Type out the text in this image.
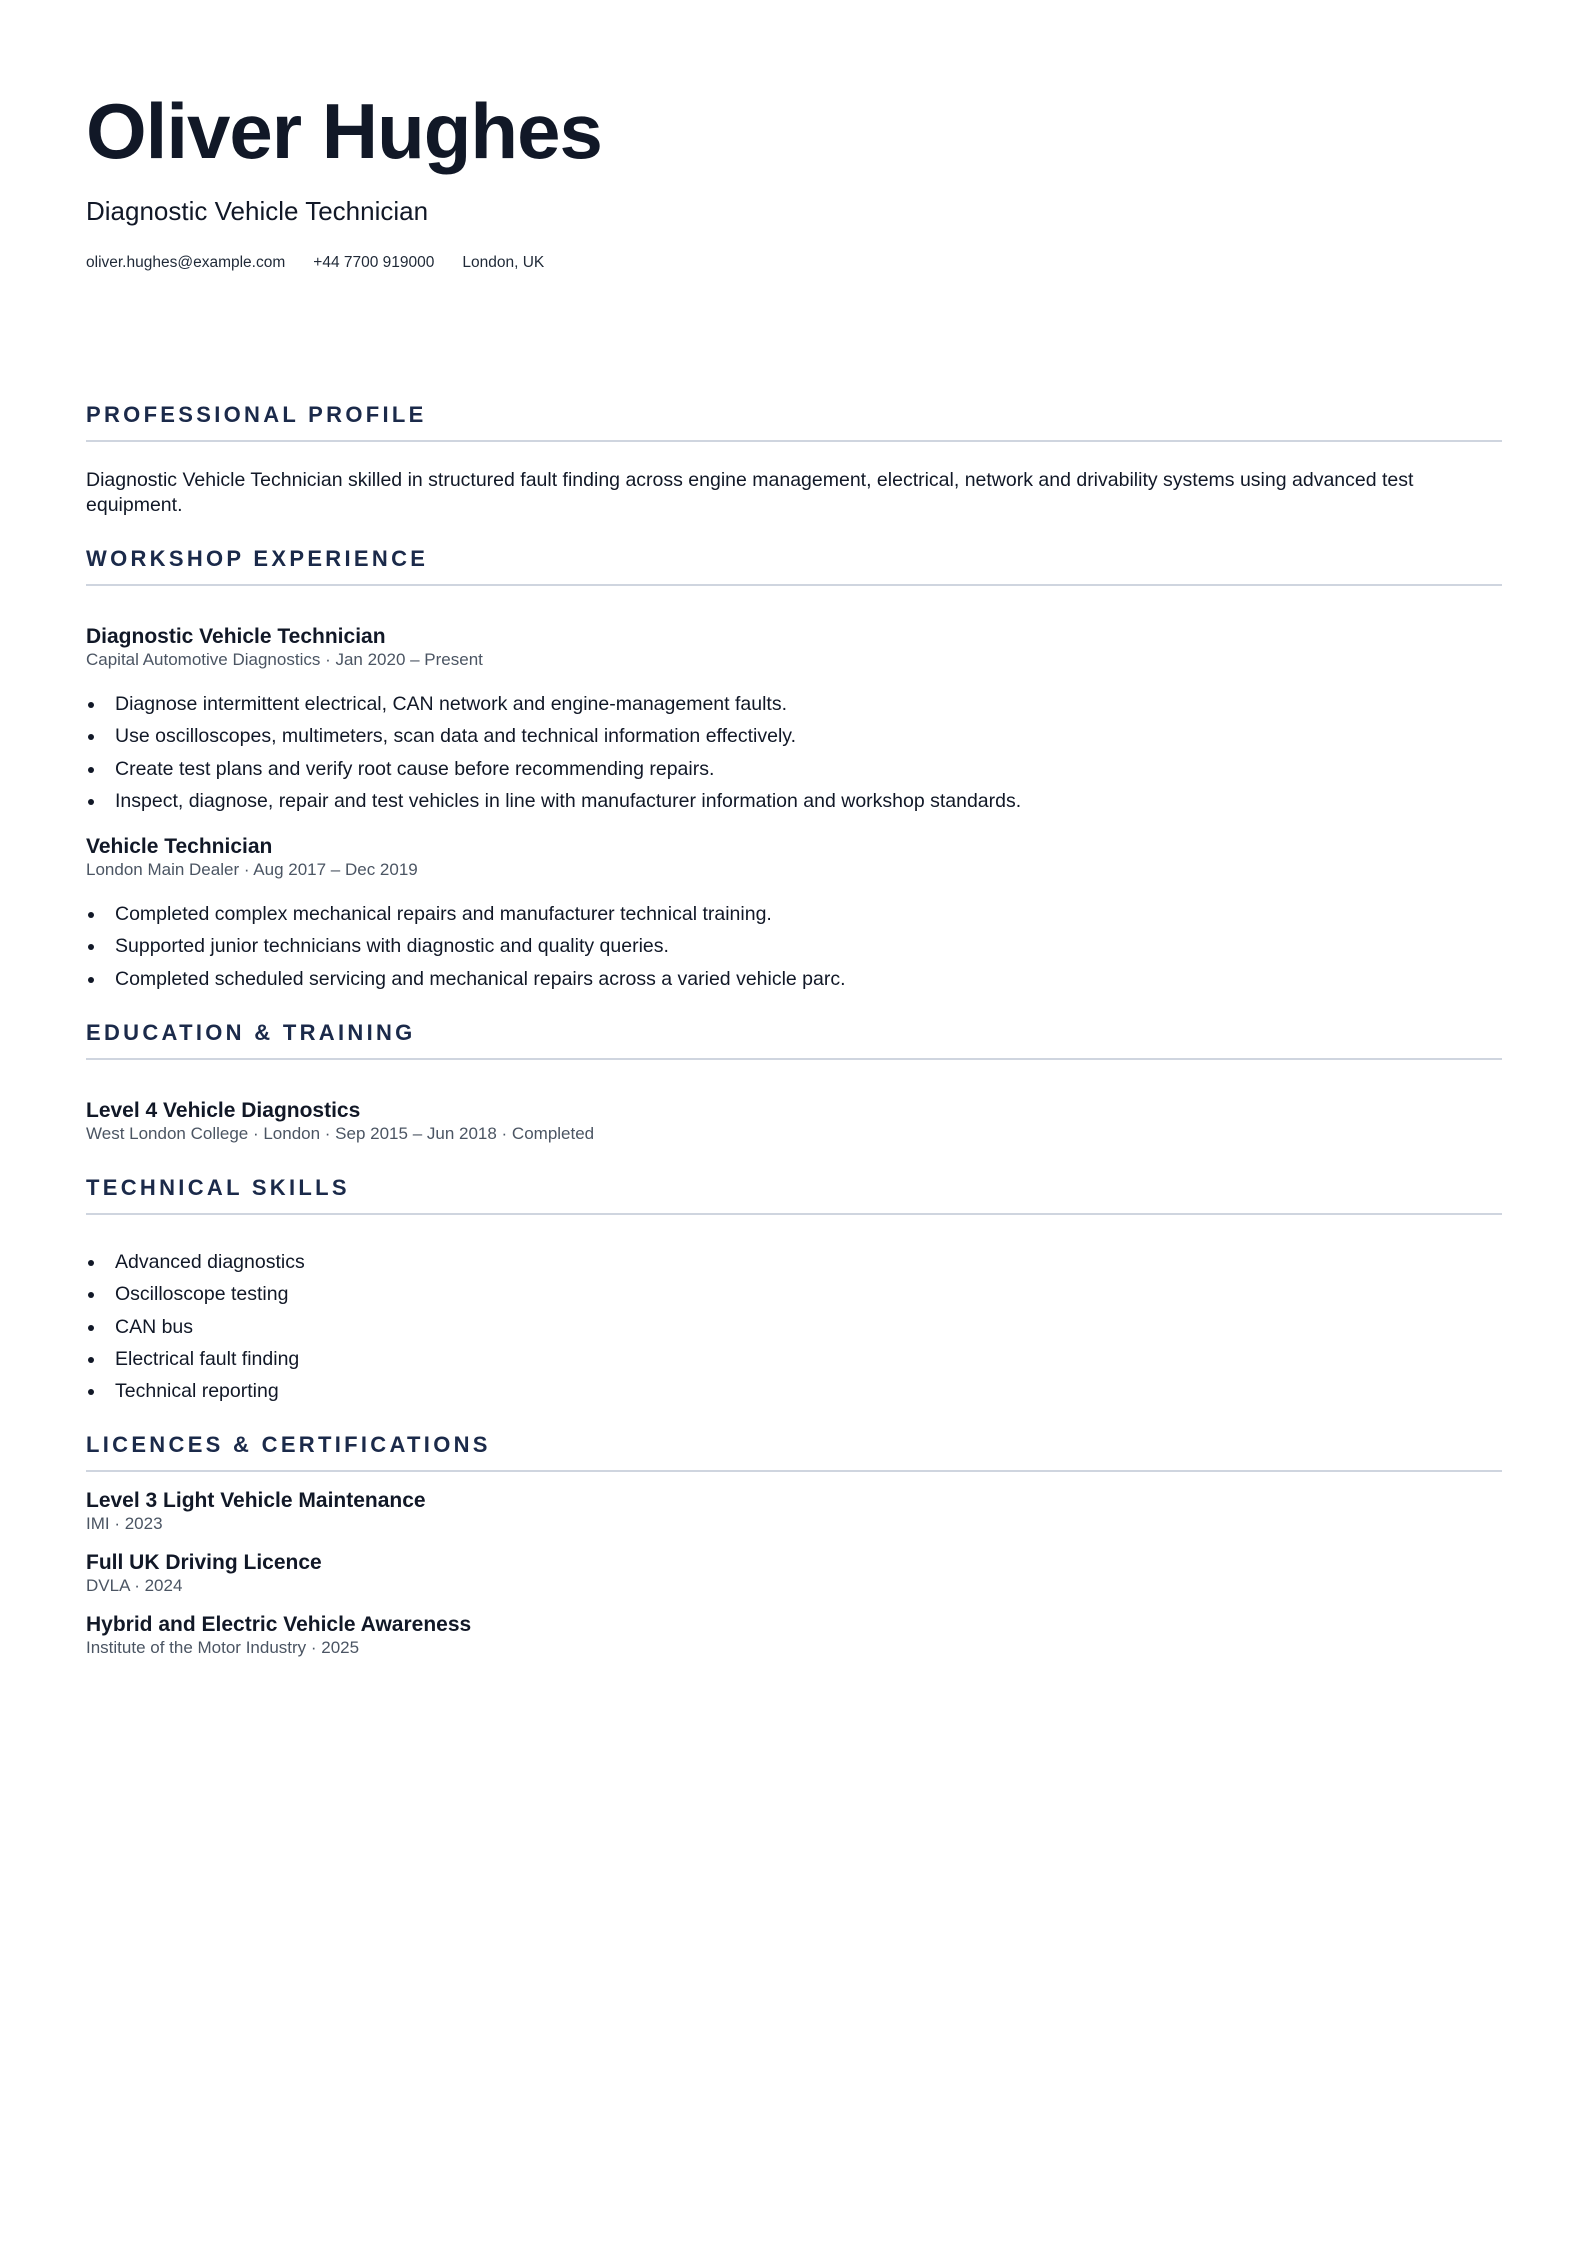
Oliver Hughes
Diagnostic Vehicle Technician
oliver.hughes@example.com +44 7700 919000 London, UK
PROFESSIONAL PROFILE
Diagnostic Vehicle Technician skilled in structured fault finding across engine management, electrical, network and drivability systems using advanced test equipment.
WORKSHOP EXPERIENCE
Diagnostic Vehicle Technician
Capital Automotive Diagnostics · Jan 2020 – Present
Diagnose intermittent electrical, CAN network and engine-management faults.
Use oscilloscopes, multimeters, scan data and technical information effectively.
Create test plans and verify root cause before recommending repairs.
Inspect, diagnose, repair and test vehicles in line with manufacturer information and workshop standards.
Vehicle Technician
London Main Dealer · Aug 2017 – Dec 2019
Completed complex mechanical repairs and manufacturer technical training.
Supported junior technicians with diagnostic and quality queries.
Completed scheduled servicing and mechanical repairs across a varied vehicle parc.
EDUCATION & TRAINING
Level 4 Vehicle Diagnostics
West London College · London · Sep 2015 – Jun 2018 · Completed
TECHNICAL SKILLS
Advanced diagnostics
Oscilloscope testing
CAN bus
Electrical fault finding
Technical reporting
LICENCES & CERTIFICATIONS
Level 3 Light Vehicle Maintenance
IMI · 2023
Full UK Driving Licence
DVLA · 2024
Hybrid and Electric Vehicle Awareness
Institute of the Motor Industry · 2025
